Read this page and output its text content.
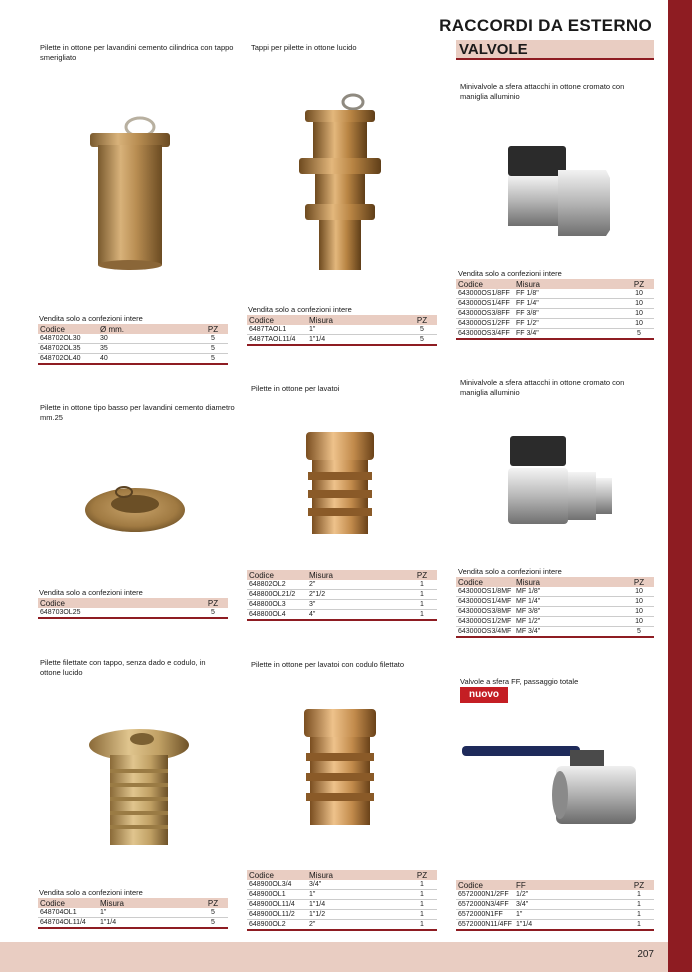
207
RACCORDI DA ESTERNO
VALVOLE
Pilette in ottone per lavandini cemento cilindrica con tappo smerigliato
Vendita solo a confezioni intere
Codice	Ø mm.	PZ
648702OL30	30	5
648702OL35	35	5
648702OL40	40	5
Tappi per pilette in ottone lucido
Vendita solo a confezioni intere
Codice	Misura	PZ
6487TAOL1	1"	5
6487TAOL11/4	1"1/4	5
Minivalvole a sfera attacchi in ottone cromato con maniglia alluminio
Vendita solo a confezioni intere
Codice	Misura	PZ
643000OS1/8FF	FF 1/8"	10
643000OS1/4FF	FF 1/4"	10
643000OS3/8FF	FF 3/8"	10
643000OS1/2FF	FF 1/2"	10
643000OS3/4FF	FF 3/4"	5
Pilette in ottone tipo basso per lavandini cemento diametro mm.25
Vendita solo a confezioni intere
Codice	PZ
648703OL25	5
Pilette in ottone per lavatoi
Codice	Misura	PZ
648802OL2	2"	1
648800OL21/2	2"1/2	1
648800OL3	3"	1
648800OL4	4"	1
Minivalvole a sfera attacchi in ottone cromato con maniglia alluminio
Vendita solo a confezioni intere
Codice	Misura	PZ
643000OS1/8MF	MF 1/8"	10
643000OS1/4MF	MF 1/4"	10
643000OS3/8MF	MF 3/8"	10
643000OS1/2MF	MF 1/2"	10
643000OS3/4MF	MF 3/4"	5
Pilette filettate con tappo, senza dado e codulo, in ottone lucido
Vendita solo a confezioni intere
Codice	Misura	PZ
648704OL1	1"	5
648704OL11/4	1"1/4	5
Pilette in ottone per lavatoi con codulo filettato
Codice	Misura	PZ
648900OL3/4	3/4"	1
648900OL1	1"	1
648900OL11/4	1"1/4	1
648900OL11/2	1"1/2	1
648900OL2	2"	1
Valvole a sfera FF, passaggio totale
nuovo
Codice	FF	PZ
6572000N1/2FF	1/2"	1
6572000N3/4FF	3/4"	1
6572000N1FF	1"	1
6572000N11/4FF	1"1/4	1
